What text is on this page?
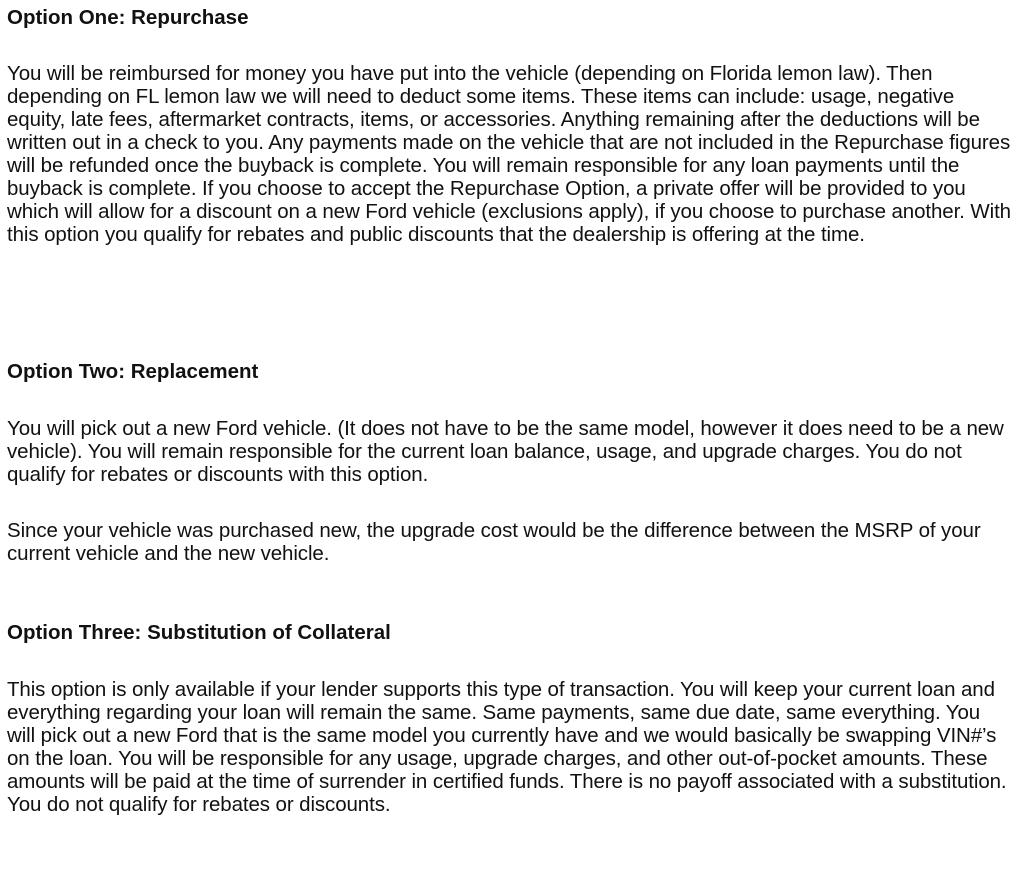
Option One: Repurchase

You will be reimbursed for money you have put into the vehicle (depending on Florida lemon law). Then depending on FL lemon law we will need to deduct some items. These items can include: usage, negative equity, late fees, aftermarket contracts, items, or accessories. Anything remaining after the deductions will be written out in a check to you. Any payments made on the vehicle that are not included in the Repurchase figures will be refunded once the buyback is complete. You will remain responsible for any loan payments until the buyback is complete. If you choose to accept the Repurchase Option, a private offer will be provided to you which will allow for a discount on a new Ford vehicle (exclusions apply), if you choose to purchase another. With this option you qualify for rebates and public discounts that the dealership is offering at the time.

Option Two: Replacement

You will pick out a new Ford vehicle. (It does not have to be the same model, however it does need to be a new vehicle). You will remain responsible for the current loan balance, usage, and upgrade charges. You do not qualify for rebates or discounts with this option.

Since your vehicle was purchased new, the upgrade cost would be the difference between the MSRP of your current vehicle and the new vehicle.

Option Three: Substitution of Collateral

This option is only available if your lender supports this type of transaction. You will keep your current loan and everything regarding your loan will remain the same. Same payments, same due date, same everything. You will pick out a new Ford that is the same model you currently have and we would basically be swapping VIN#’s on the loan. You will be responsible for any usage, upgrade charges, and other out-of-pocket amounts. These amounts will be paid at the time of surrender in certified funds. There is no payoff associated with a substitution. You do not qualify for rebates or discounts.
